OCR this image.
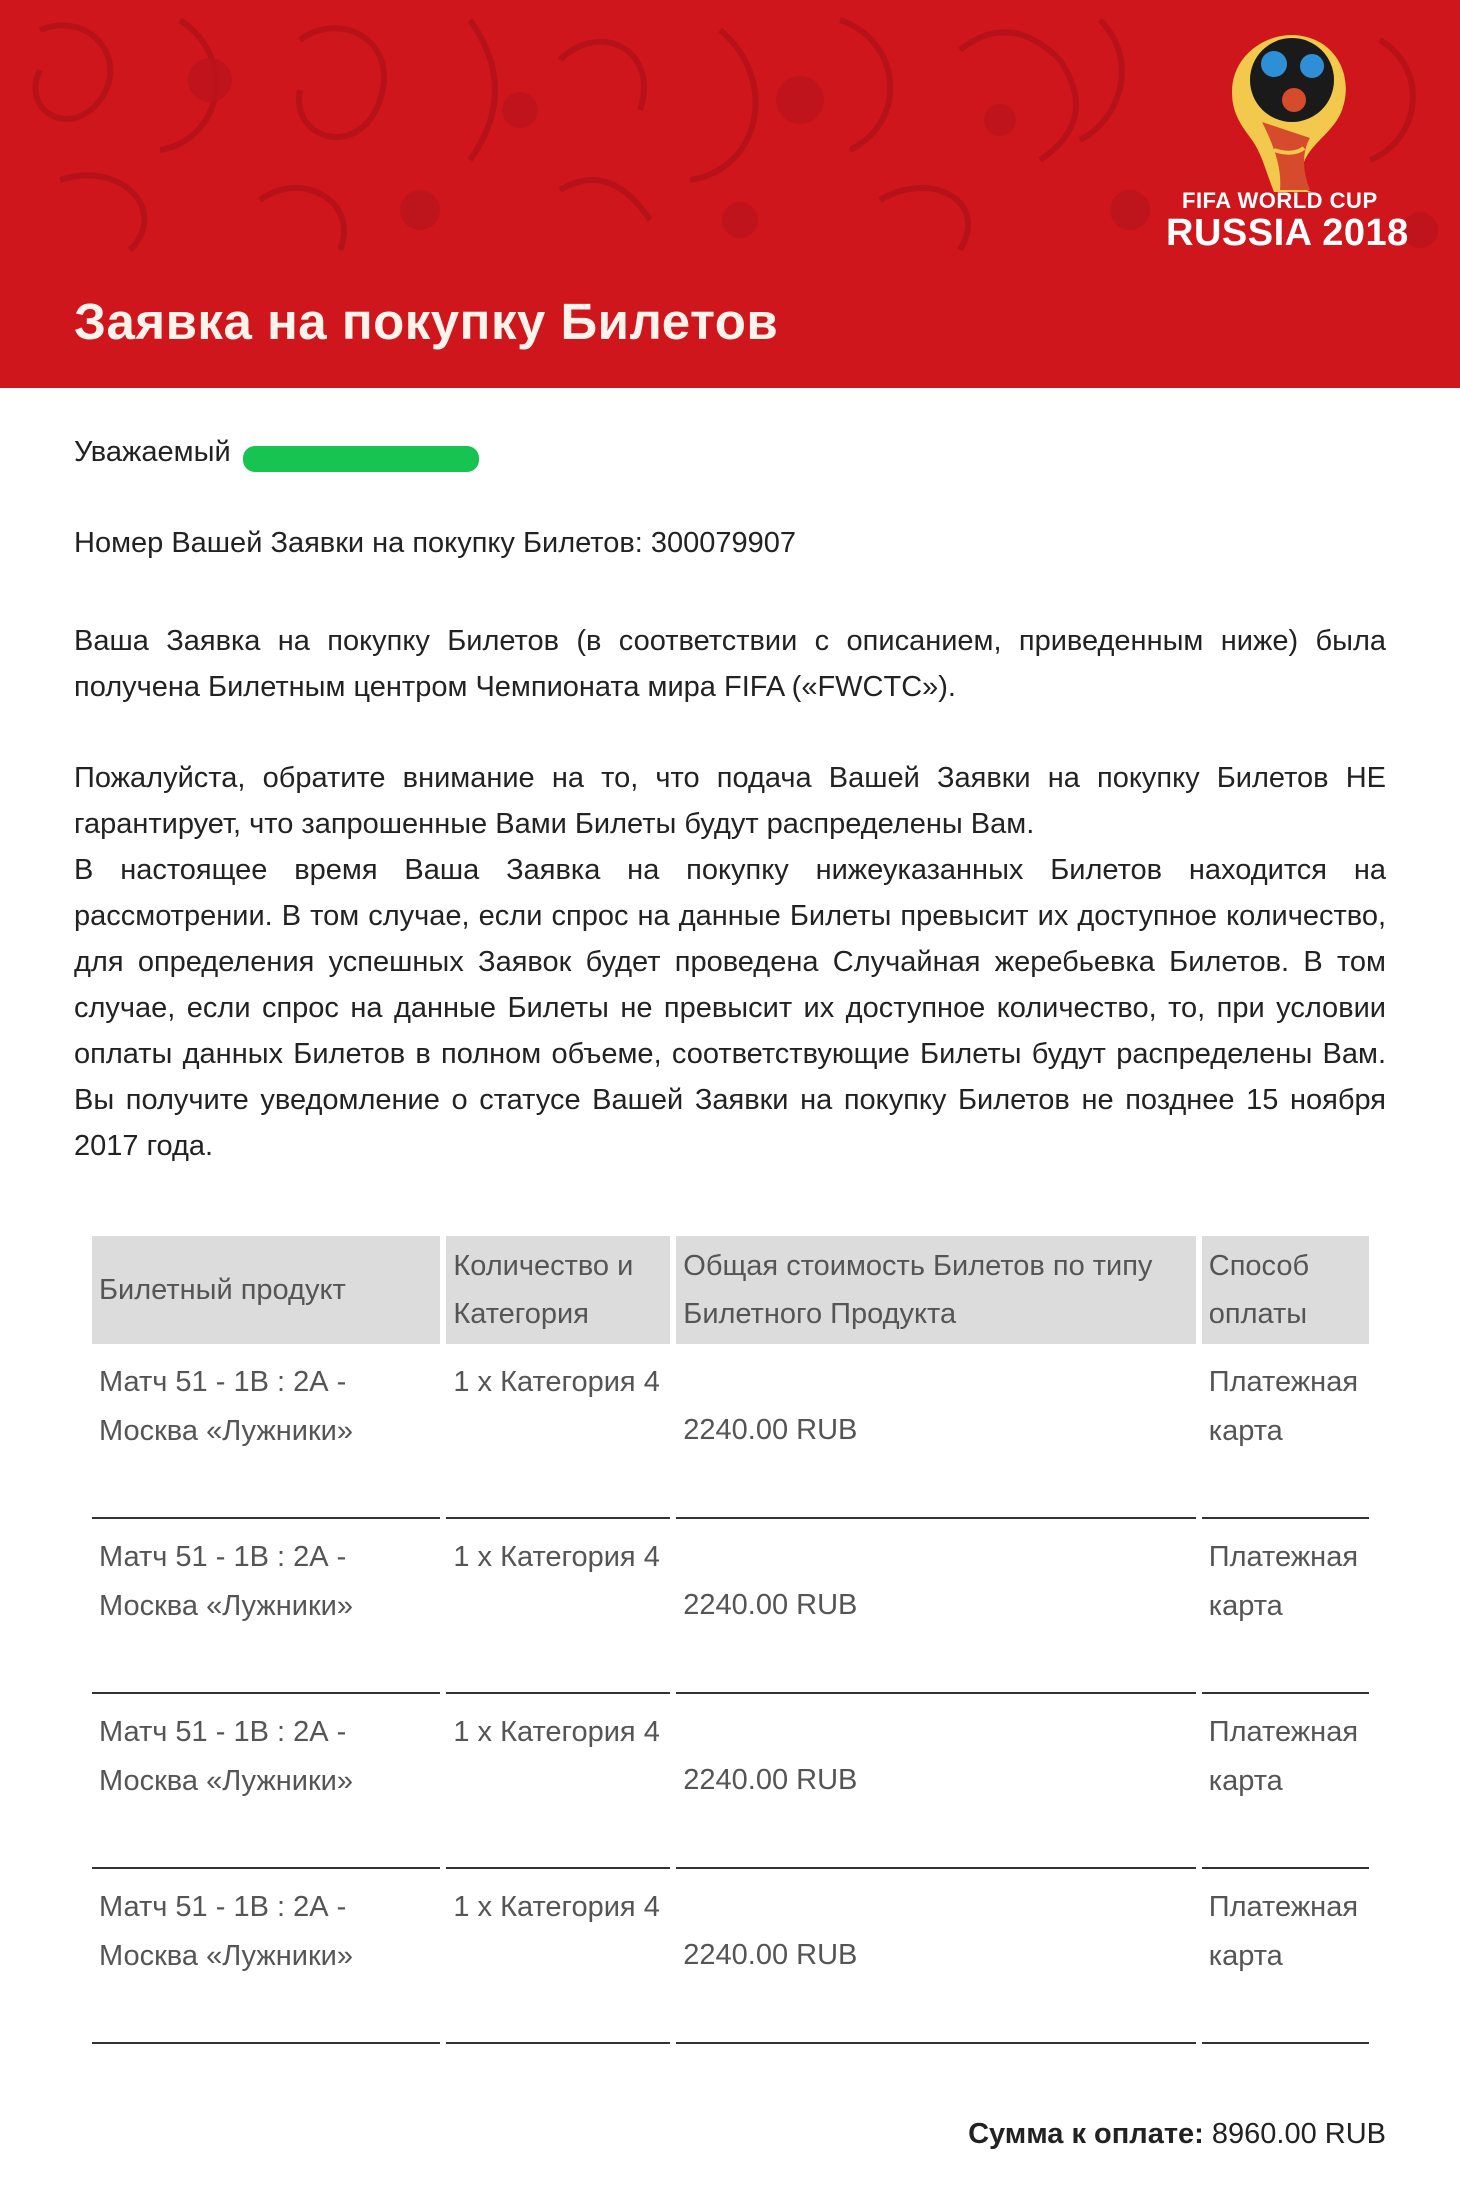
FIFA WORLD CUP
RUSSIA 2018
Заявка на покупку Билетов
Уважаемый
Номер Вашей Заявки на покупку Билетов: 300079907

Ваша Заявка на покупку Билетов (в соответствии с описанием, приведенным ниже) была получена Билетным центром Чемпионата мира FIFA («FWCTC»).

Пожалуйста, обратите внимание на то, что подача Вашей Заявки на покупку Билетов НЕ гарантирует, что запрошенные Вами Билеты будут распределены Вам.

В настоящее время Ваша Заявка на покупку нижеуказанных Билетов находится на рассмотрении. В том случае, если спрос на данные Билеты превысит их доступное количество, для определения успешных Заявок будет проведена Случайная жеребьевка Билетов. В том случае, если спрос на данные Билеты не превысит их доступное количество, то, при условии оплаты данных Билетов в полном объеме, соответствующие Билеты будут распределены Вам. Вы получите уведомление о статусе Вашей Заявки на покупку Билетов не позднее 15 ноября 2017 года.

Билетный продукт
Количество и Категория
Общая стоимость Билетов по типу Билетного Продукта
Способ оплаты
Матч 51 - 1В : 2А - Москва «Лужники»
1 x Категория 4
2240.00 RUB
Платежная карта
Матч 51 - 1В : 2А - Москва «Лужники»
1 x Категория 4
2240.00 RUB
Платежная карта
Матч 51 - 1В : 2А - Москва «Лужники»
1 x Категория 4
2240.00 RUB
Платежная карта
Матч 51 - 1В : 2А - Москва «Лужники»
1 x Категория 4
2240.00 RUB
Платежная карта
Сумма к оплате: 8960.00 RUB
